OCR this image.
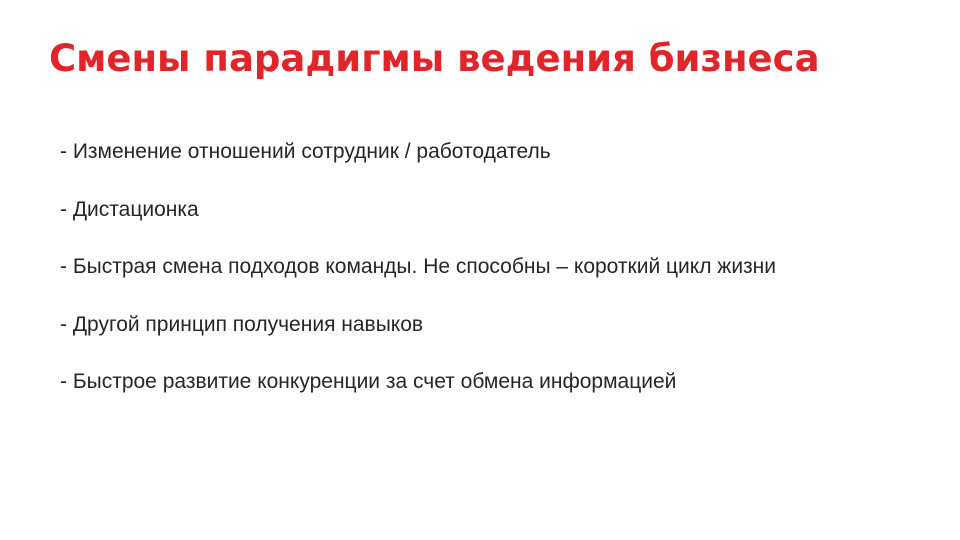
Смены парадигмы ведения бизнеса
- Изменение отношений сотрудник / работодатель
- Дистационка
- Быстрая смена подходов команды. Не способны – короткий цикл жизни
- Другой принцип получения навыков
- Быстрое развитие конкуренции за счет обмена информацией
